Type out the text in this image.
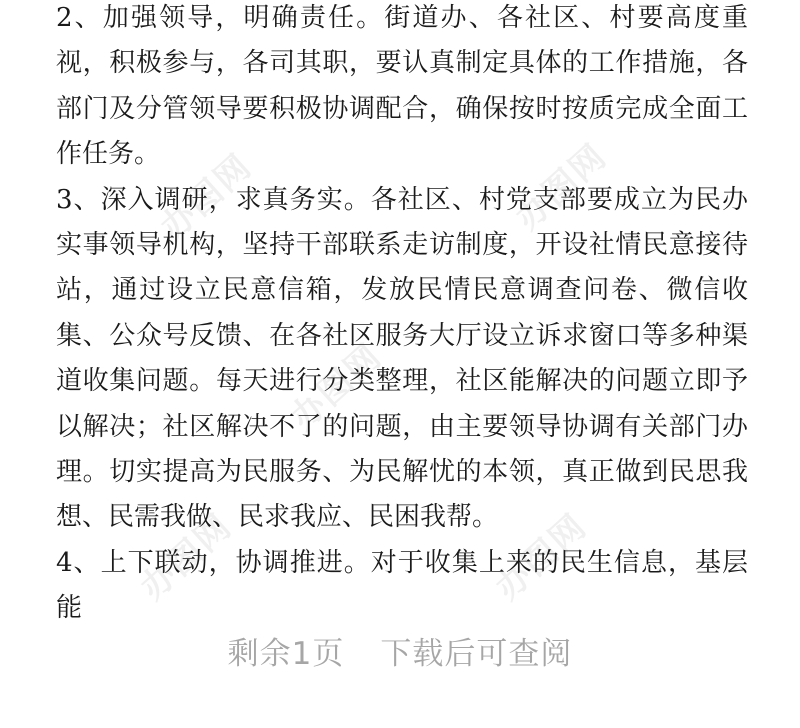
办图网	办图网
办图网
办图网	办图网

2、加强领导，明确责任。街道办、各社区、村要高度重视，积极参与，各司其职，要认真制定具体的工作措施，各部门及分管领导要积极协调配合，确保按时按质完成全面工作任务。

3、深入调研，求真务实。各社区、村党支部要成立为民办实事领导机构，坚持干部联系走访制度，开设社情民意接待站，通过设立民意信箱，发放民情民意调查问卷、微信收集、公众号反馈、在各社区服务大厅设立诉求窗口等多种渠道收集问题。每天进行分类整理，社区能解决的问题立即予以解决；社区解决不了的问题，由主要领导协调有关部门办理。切实提高为民服务、为民解忧的本领，真正做到民思我想、民需我做、民求我应、民困我帮。

4、上下联动，协调推进。对于收集上来的民生信息，基层能

剩余1页 下载后可查阅
